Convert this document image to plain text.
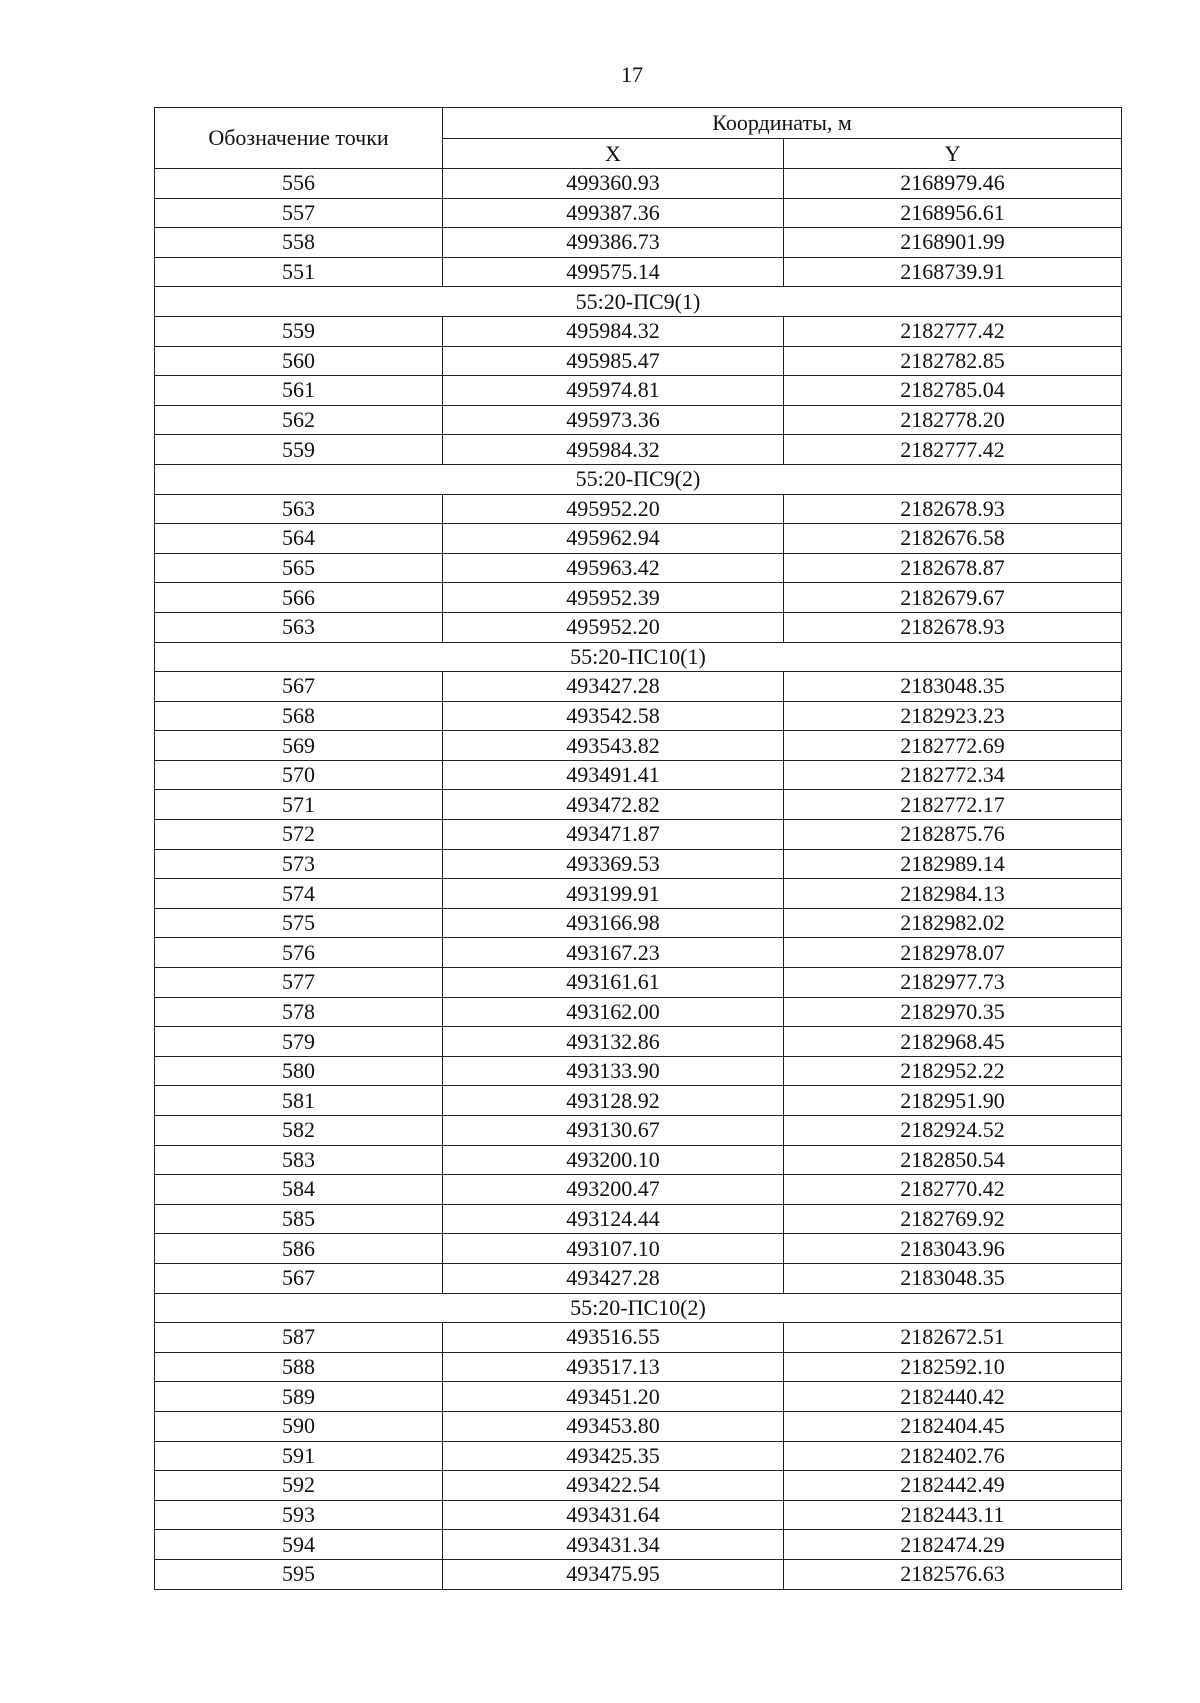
17
Обозначение точки	Координаты, м	
	X	Y
556	499360.93	2168979.46
557	499387.36	2168956.61
558	499386.73	2168901.99
551	499575.14	2168739.91
55:20-ПС9(1)		
559	495984.32	2182777.42
560	495985.47	2182782.85
561	495974.81	2182785.04
562	495973.36	2182778.20
559	495984.32	2182777.42
55:20-ПС9(2)		
563	495952.20	2182678.93
564	495962.94	2182676.58
565	495963.42	2182678.87
566	495952.39	2182679.67
563	495952.20	2182678.93
55:20-ПС10(1)		
567	493427.28	2183048.35
568	493542.58	2182923.23
569	493543.82	2182772.69
570	493491.41	2182772.34
571	493472.82	2182772.17
572	493471.87	2182875.76
573	493369.53	2182989.14
574	493199.91	2182984.13
575	493166.98	2182982.02
576	493167.23	2182978.07
577	493161.61	2182977.73
578	493162.00	2182970.35
579	493132.86	2182968.45
580	493133.90	2182952.22
581	493128.92	2182951.90
582	493130.67	2182924.52
583	493200.10	2182850.54
584	493200.47	2182770.42
585	493124.44	2182769.92
586	493107.10	2183043.96
567	493427.28	2183048.35
55:20-ПС10(2)		
587	493516.55	2182672.51
588	493517.13	2182592.10
589	493451.20	2182440.42
590	493453.80	2182404.45
591	493425.35	2182402.76
592	493422.54	2182442.49
593	493431.64	2182443.11
594	493431.34	2182474.29
595	493475.95	2182576.63
